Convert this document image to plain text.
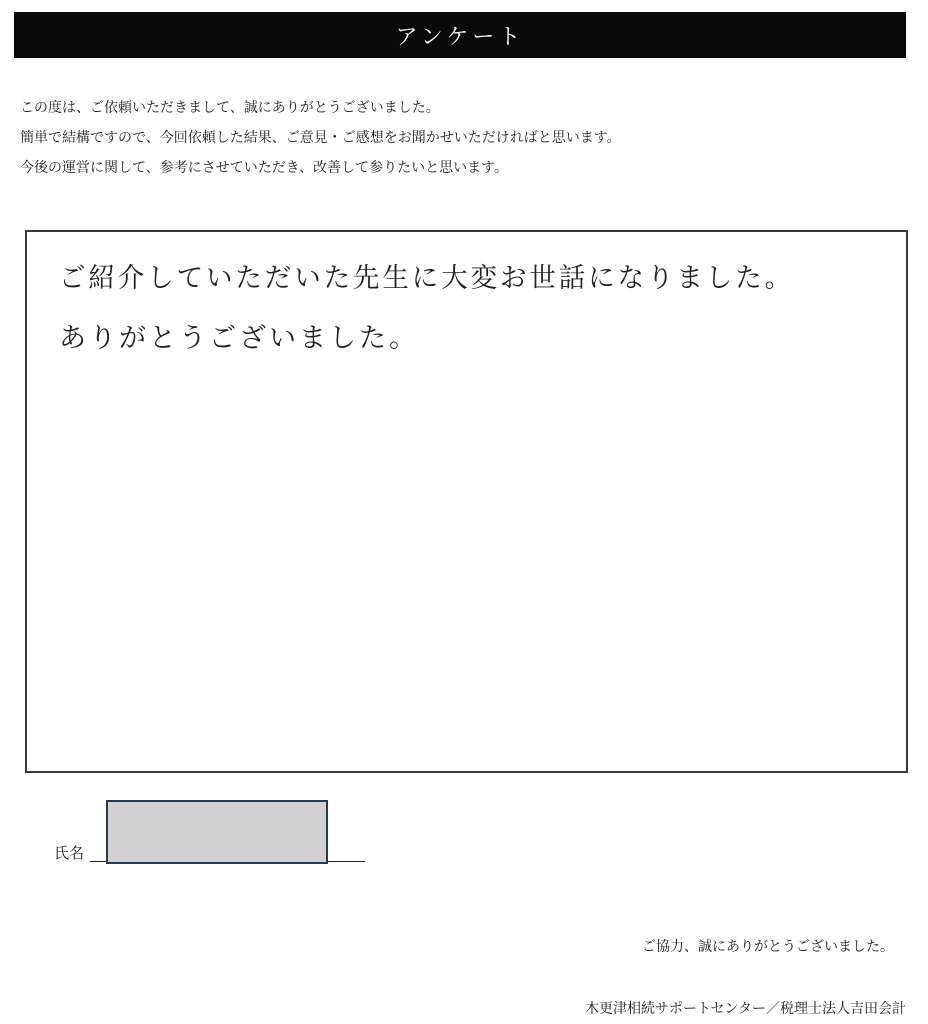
アンケート
この度は、ご依頼いただきまして、誠にありがとうございました。
簡単で結構ですので、今回依頼した結果、ご意見・ご感想をお聞かせいただければと思います。
今後の運営に関して、参考にさせていただき、改善して参りたいと思います。
ご紹介していただいた先生に大変お世話になりました。
ありがとうございました。
氏名
ご協力、誠にありがとうございました。
木更津相続サポートセンター／税理士法人吉田会計
